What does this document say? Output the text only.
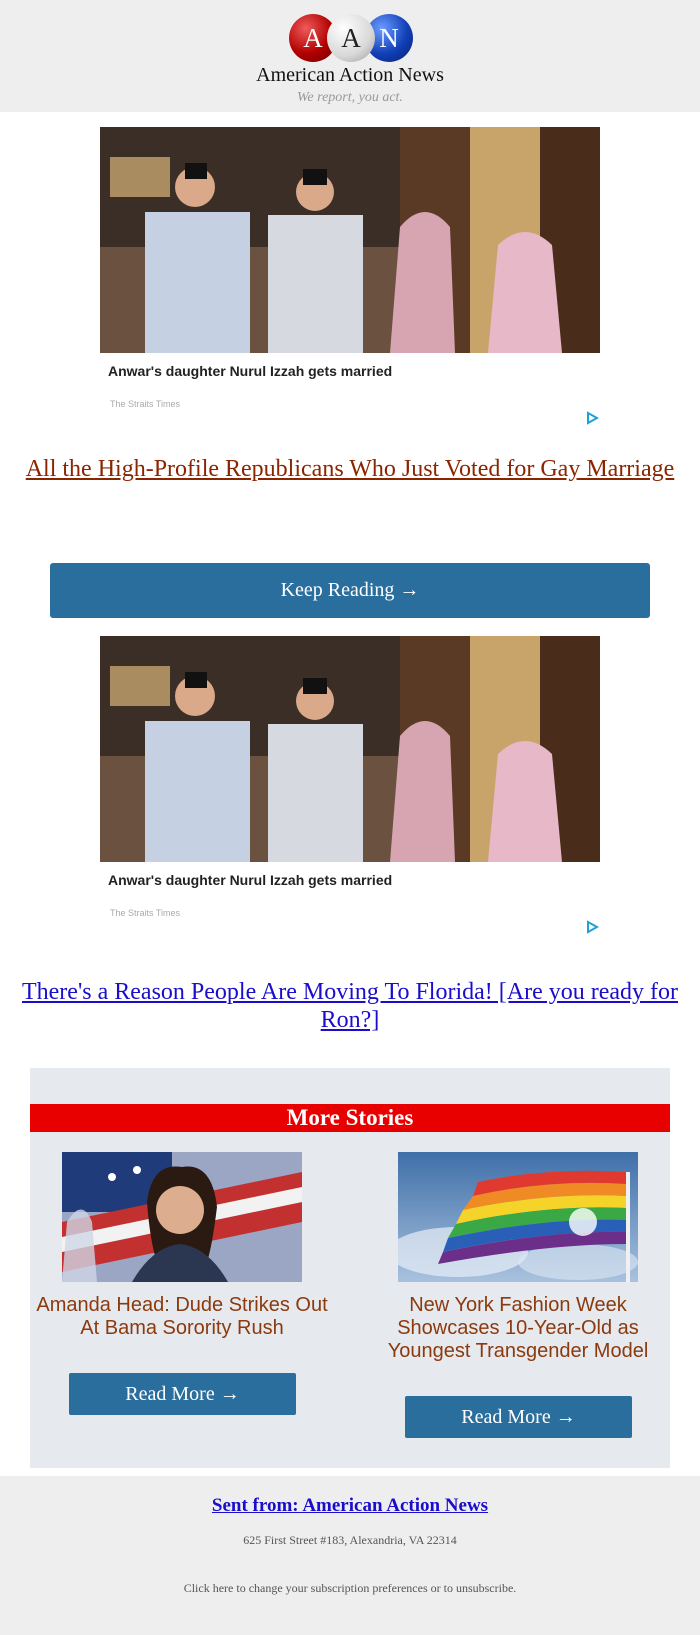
A A N
American Action News
We report, you act.
Anwar's daughter Nurul Izzah gets married
The Straits Times
All the High-Profile Republicans Who Just Voted for Gay Marriage
Keep Reading →
Anwar's daughter Nurul Izzah gets married
The Straits Times
There's a Reason People Are Moving To Florida! [Are you ready for Ron?]
More Stories
Amanda Head: Dude Strikes Out At Bama Sorority Rush
Read More →
New York Fashion Week Showcases 10-Year-Old as Youngest Transgender Model
Read More →
Sent from: American Action News
625 First Street #183, Alexandria, VA 22314
Click here to change your subscription preferences or to unsubscribe.
